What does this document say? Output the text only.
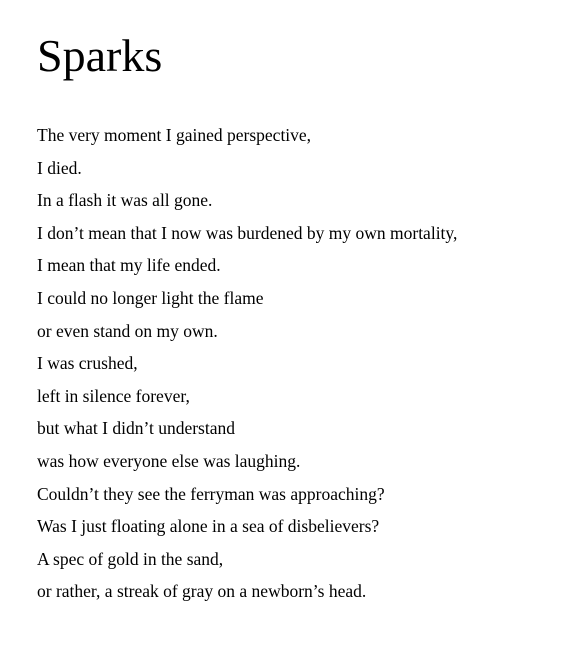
Sparks
The very moment I gained perspective,
I died.
In a flash it was all gone.
I don’t mean that I now was burdened by my own mortality,
I mean that my life ended.
I could no longer light the flame
or even stand on my own.
I was crushed,
left in silence forever,
but what I didn’t understand
was how everyone else was laughing.
Couldn’t they see the ferryman was approaching?
Was I just floating alone in a sea of disbelievers?
A spec of gold in the sand,
or rather, a streak of gray on a newborn’s head.
